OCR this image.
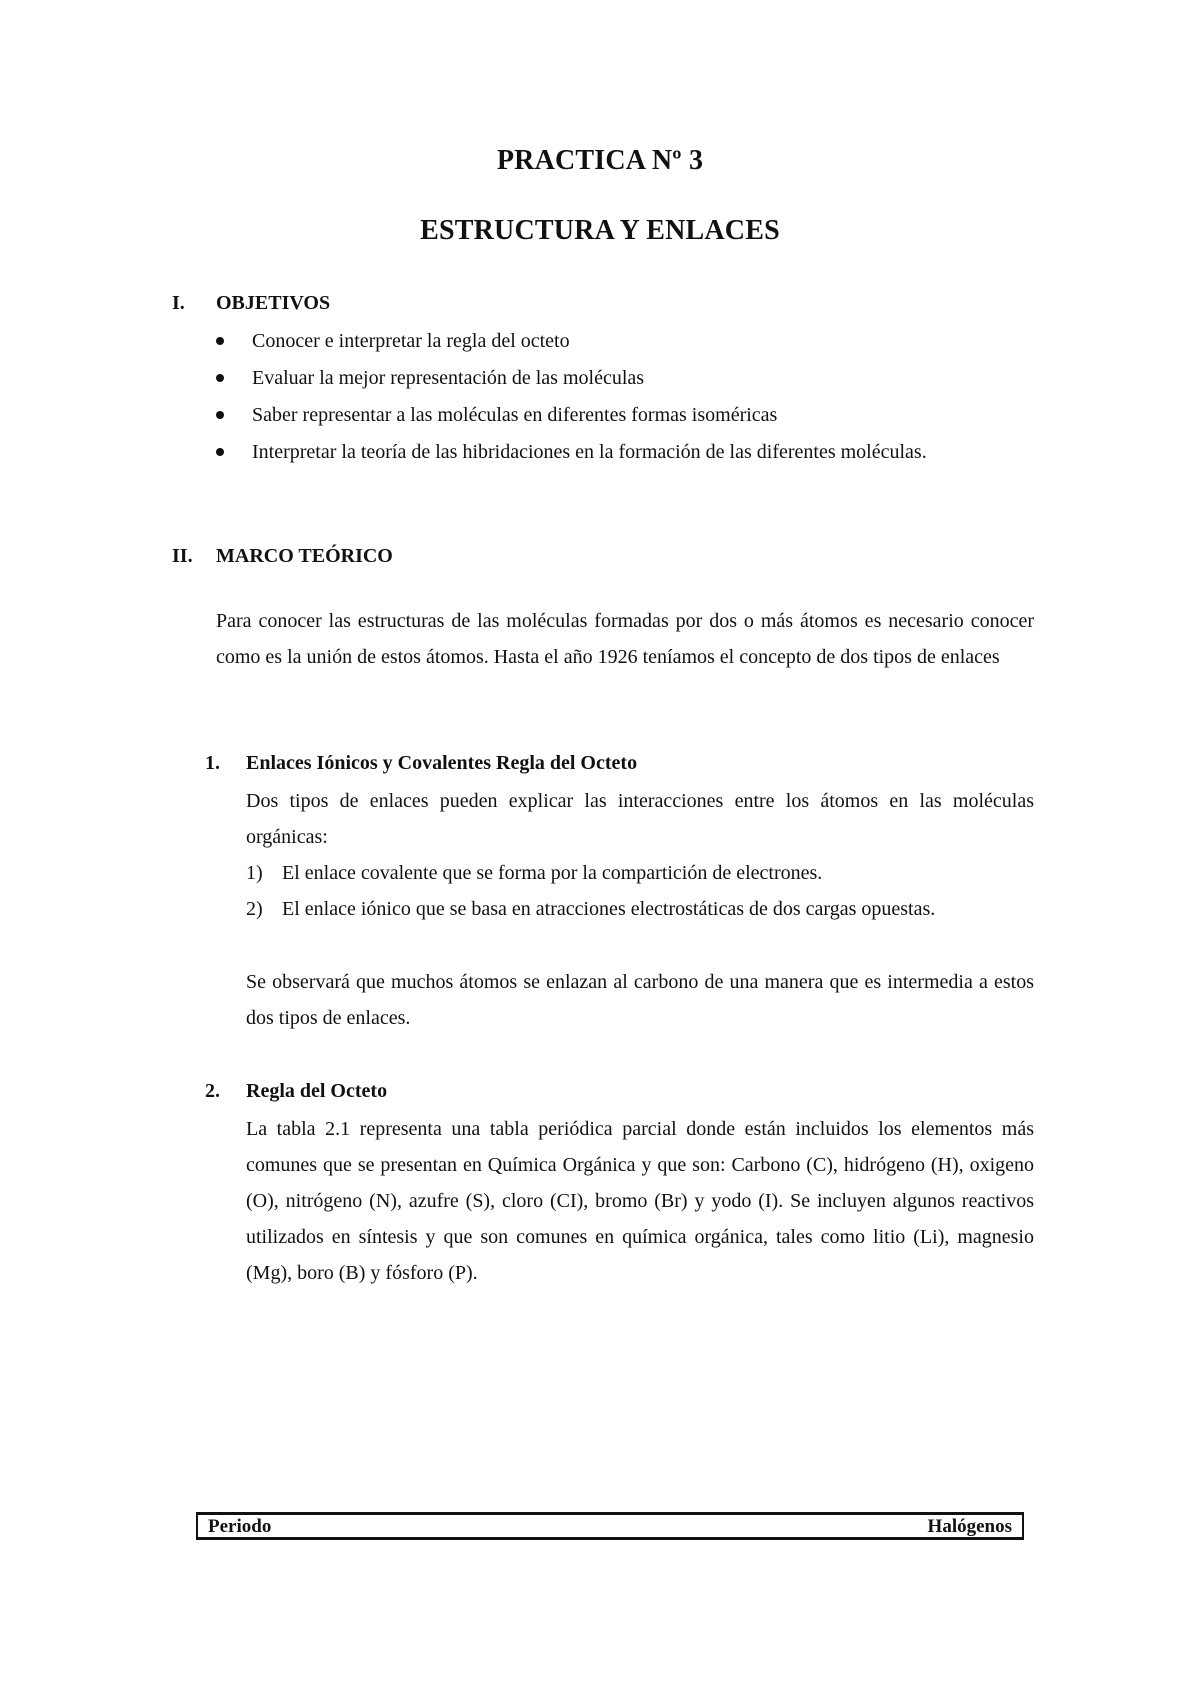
PRACTICA Nº 3
ESTRUCTURA Y ENLACES
I. OBJETIVOS
Conocer e interpretar la regla del octeto
Evaluar la mejor representación de las moléculas
Saber representar a las moléculas en diferentes formas isoméricas
Interpretar la teoría de las hibridaciones en la formación de las diferentes moléculas.
II. MARCO TEÓRICO
Para conocer las estructuras de las moléculas formadas por dos o más átomos es necesario conocer como es la unión de estos átomos. Hasta el año 1926 teníamos el concepto de dos tipos de enlaces
1. Enlaces Iónicos y Covalentes Regla del Octeto
Dos tipos de enlaces pueden explicar las interacciones entre los átomos en las moléculas orgánicas:
1) El enlace covalente que se forma por la compartición de electrones.
2) El enlace iónico que se basa en atracciones electrostáticas de dos cargas opuestas.
Se observará que muchos átomos se enlazan al carbono de una manera que es intermedia a estos dos tipos de enlaces.
2. Regla del Octeto
La tabla 2.1 representa una tabla periódica parcial donde están incluidos los elementos más comunes que se presentan en Química Orgánica y que son: Carbono (C), hidrógeno (H), oxigeno (O), nitrógeno (N), azufre (S), cloro (CI), bromo (Br) y yodo (I). Se incluyen algunos reactivos utilizados en síntesis y que son comunes en química orgánica, tales como litio (Li), magnesio (Mg), boro (B) y fósforo (P).
Periodo	Halógenos
